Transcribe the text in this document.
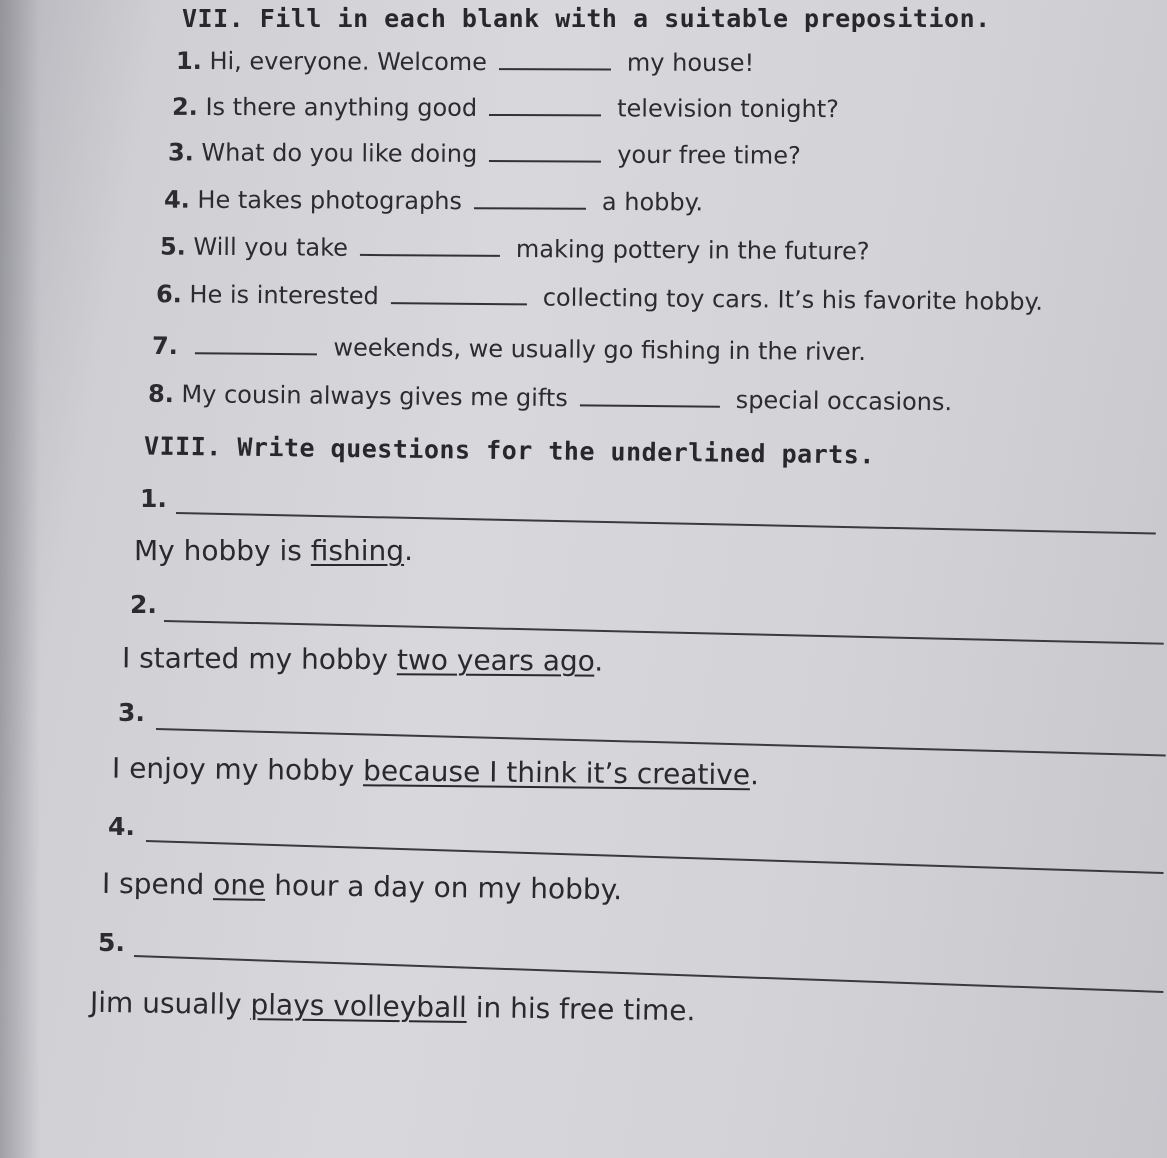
VII. Fill in each blank with a suitable preposition.
1. Hi, everyone. Welcome	my house!
2. Is there anything good	television tonight?
3. What do you like doing	your free time?
4. He takes photographs	a hobby.
5. Will you take	making pottery in the future?
6. He is interested	collecting toy cars. It’s his favorite hobby.
7.	weekends, we usually go fishing in the river.
8. My cousin always gives me gifts	special occasions.
VIII. Write questions for the underlined parts.
1.
My hobby is fishing.
2.
I started my hobby two years ago.
3.
I enjoy my hobby because I think it’s creative.
4.
I spend one hour a day on my hobby.
5.
Jim usually plays volleyball in his free time.
